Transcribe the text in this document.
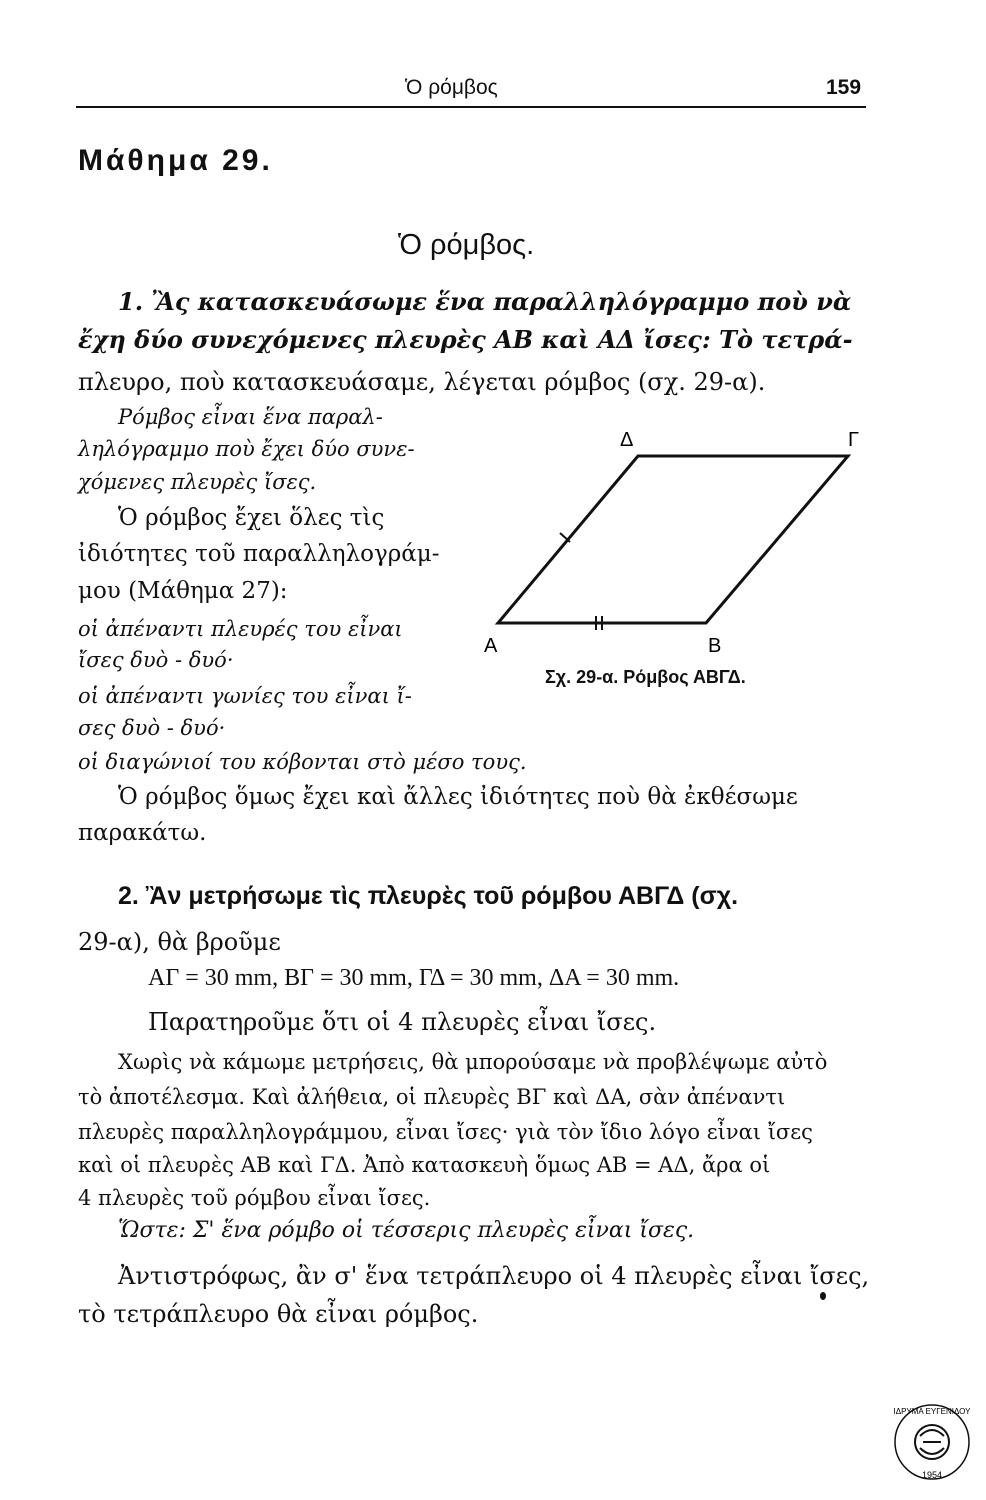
Ὁ ρόμβος	159
Μάθημα 29.
Ὁ ρόμβος.
1. Ἂς κατασκευάσωμε ἕνα παραλληλόγραμμο ποὺ νὰ
ἔχη δύο συνεχόμενες πλευρὲς ΑΒ καὶ ΑΔ ἴσες: Τὸ τετρά-
πλευρο, ποὺ κατασκευάσαμε, λέγεται ρόμβος (σχ. 29-α).
Ρόμβος εἶναι ἕνα παραλ-
ληλόγραμμο ποὺ ἔχει δύο συνε-
χόμενες πλευρὲς ἴσες.
Ὁ ρόμβος ἔχει ὅλες τὶς
ἰδιότητες τοῦ παραλληλογράμ-
μου (Μάθημα 27):
οἱ ἀπέναντι πλευρές του εἶναι
ἴσες δυὸ - δυό·
οἱ ἀπέναντι γωνίες του εἶναι ἴ-
σες δυὸ - δυό·
οἱ διαγώνιοί του κόβονται στὸ μέσο τους.
Ὁ ρόμβος ὅμως ἔχει καὶ ἄλλες ἰδιότητες ποὺ θὰ ἐκθέσωμε
παρακάτω.
Α	Β
Γ
Δ
Σχ. 29-α. Ρόμβος ΑΒΓΔ.
2. Ἂν μετρήσωμε τὶς πλευρὲς τοῦ ρόμβου ΑΒΓΔ (σχ.
29-α), θὰ βροῦμε
ΑΓ = 30 mm, ΒΓ = 30 mm, ΓΔ = 30 mm, ΔΑ = 30 mm.
Παρατηροῦμε ὅτι οἱ 4 πλευρὲς εἶναι ἴσες.
Χωρὶς νὰ κάμωμε μετρήσεις, θὰ μπορούσαμε νὰ προβλέψωμε αὐτὸ
τὸ ἀποτέλεσμα. Καὶ ἀλήθεια, οἱ πλευρὲς ΒΓ καὶ ΔΑ, σὰν ἀπέναντι
πλευρὲς παραλληλογράμμου, εἶναι ἴσες· γιὰ τὸν ἴδιο λόγο εἶναι ἴσες
καὶ οἱ πλευρὲς ΑΒ καὶ ΓΔ. Ἀπὸ κατασκευὴ ὅμως ΑΒ = ΑΔ, ἄρα οἱ
4 πλευρὲς τοῦ ρόμβου εἶναι ἴσες.
Ὥστε: Σ' ἕνα ρόμβο οἱ τέσσερις πλευρὲς εἶναι ἴσες.
Ἀντιστρόφως, ἂν σ' ἕνα τετράπλευρο οἱ 4 πλευρὲς εἶναι ἴσες,
τὸ τετράπλευρο θὰ εἶναι ρόμβος.
ΙΔΡΥΜΑ ΕΥΓΕΝΙΔΟΥ
1954
